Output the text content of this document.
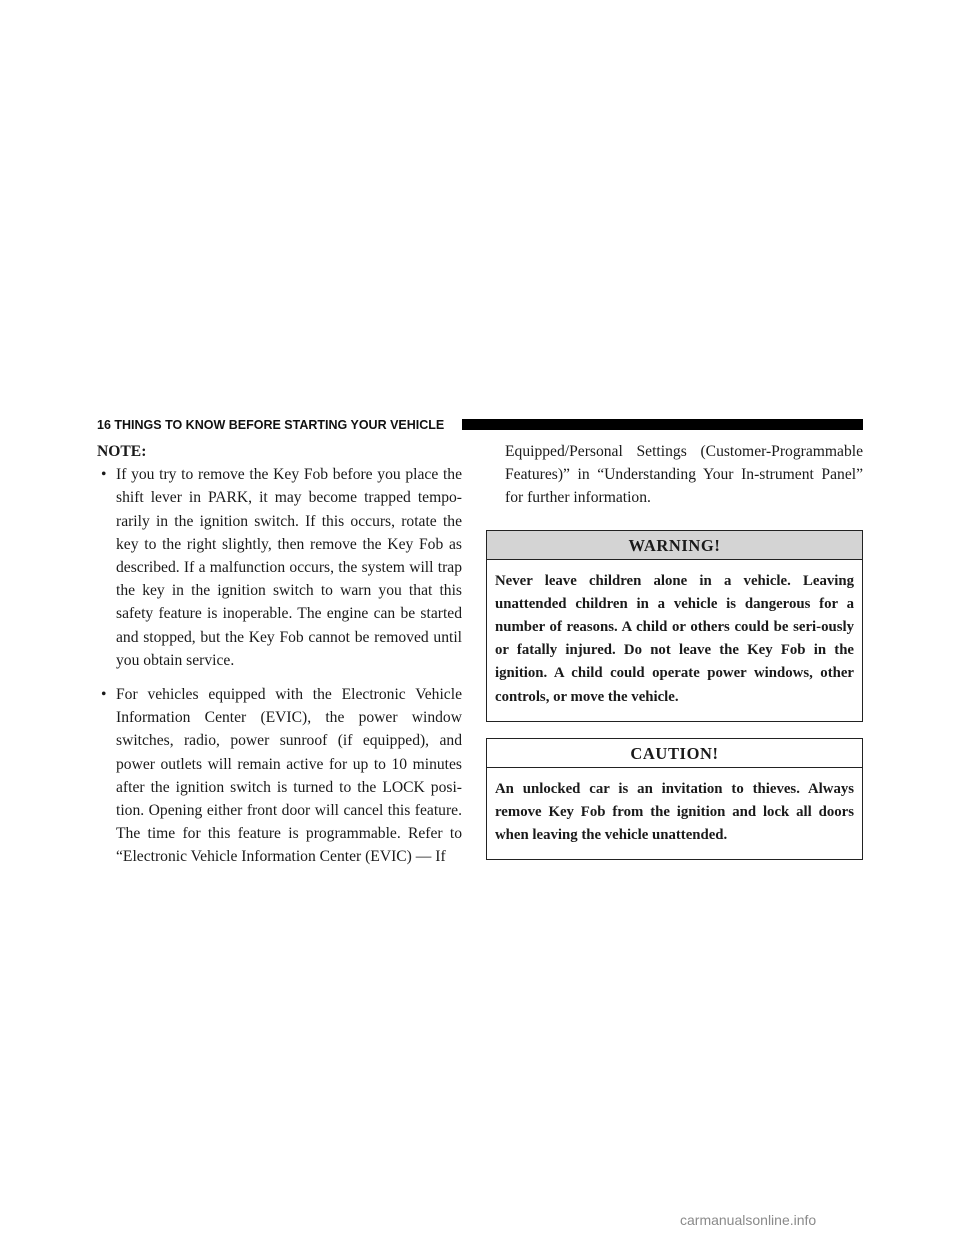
16 THINGS TO KNOW BEFORE STARTING YOUR VEHICLE
NOTE:
• If you try to remove the Key Fob before you place the shift lever in PARK, it may become trapped tempo-rarily in the ignition switch. If this occurs, rotate the key to the right slightly, then remove the Key Fob as described. If a malfunction occurs, the system will trap the key in the ignition switch to warn you that this safety feature is inoperable. The engine can be started and stopped, but the Key Fob cannot be removed until you obtain service.
• For vehicles equipped with the Electronic Vehicle Information Center (EVIC), the power window switches, radio, power sunroof (if equipped), and power outlets will remain active for up to 10 minutes after the ignition switch is turned to the LOCK posi-tion. Opening either front door will cancel this feature. The time for this feature is programmable. Refer to “Electronic Vehicle Information Center (EVIC) — If
Equipped/Personal Settings (Customer-Programmable Features)” in “Understanding Your In-strument Panel” for further information.
WARNING!
Never leave children alone in a vehicle. Leaving unattended children in a vehicle is dangerous for a number of reasons. A child or others could be seri-ously or fatally injured. Do not leave the Key Fob in the ignition. A child could operate power windows, other controls, or move the vehicle.
CAUTION!
An unlocked car is an invitation to thieves. Always remove Key Fob from the ignition and lock all doors when leaving the vehicle unattended.
carmanualsonline.info
